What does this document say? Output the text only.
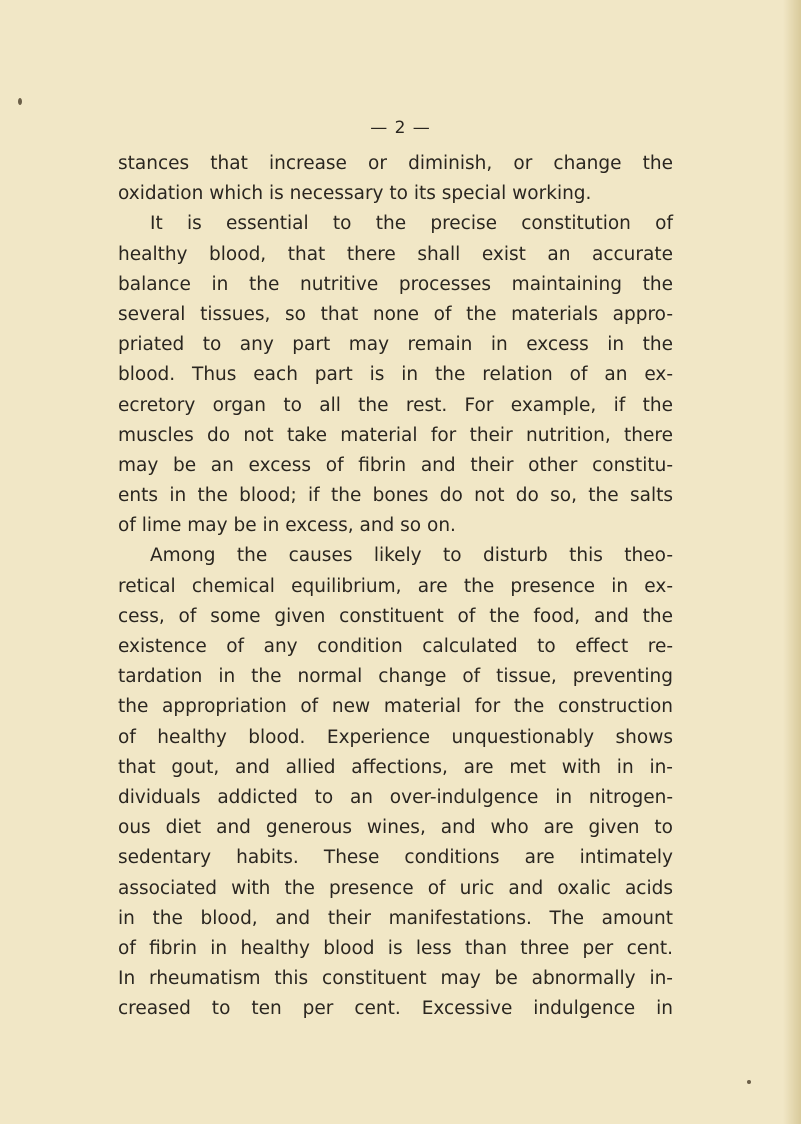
— 2 —
stances that increase or diminish, or change the
oxidation which is necessary to its special working.
It is essential to the precise constitution of
healthy blood, that there shall exist an accurate
balance in the nutritive processes maintaining the
several tissues, so that none of the materials appro-
priated to any part may remain in excess in the
blood. Thus each part is in the relation of an ex-
ecretory organ to all the rest. For example, if the
muscles do not take material for their nutrition, there
may be an excess of fibrin and their other constitu-
ents in the blood; if the bones do not do so, the salts
of lime may be in excess, and so on.
Among the causes likely to disturb this theo-
retical chemical equilibrium, are the presence in ex-
cess, of some given constituent of the food, and the
existence of any condition calculated to effect re-
tardation in the normal change of tissue, preventing
the appropriation of new material for the construction
of healthy blood. Experience unquestionably shows
that gout, and allied affections, are met with in in-
dividuals addicted to an over-indulgence in nitrogen-
ous diet and generous wines, and who are given to
sedentary habits. These conditions are intimately
associated with the presence of uric and oxalic acids
in the blood, and their manifestations. The amount
of fibrin in healthy blood is less than three per cent.
In rheumatism this constituent may be abnormally in-
creased to ten per cent. Excessive indulgence in
